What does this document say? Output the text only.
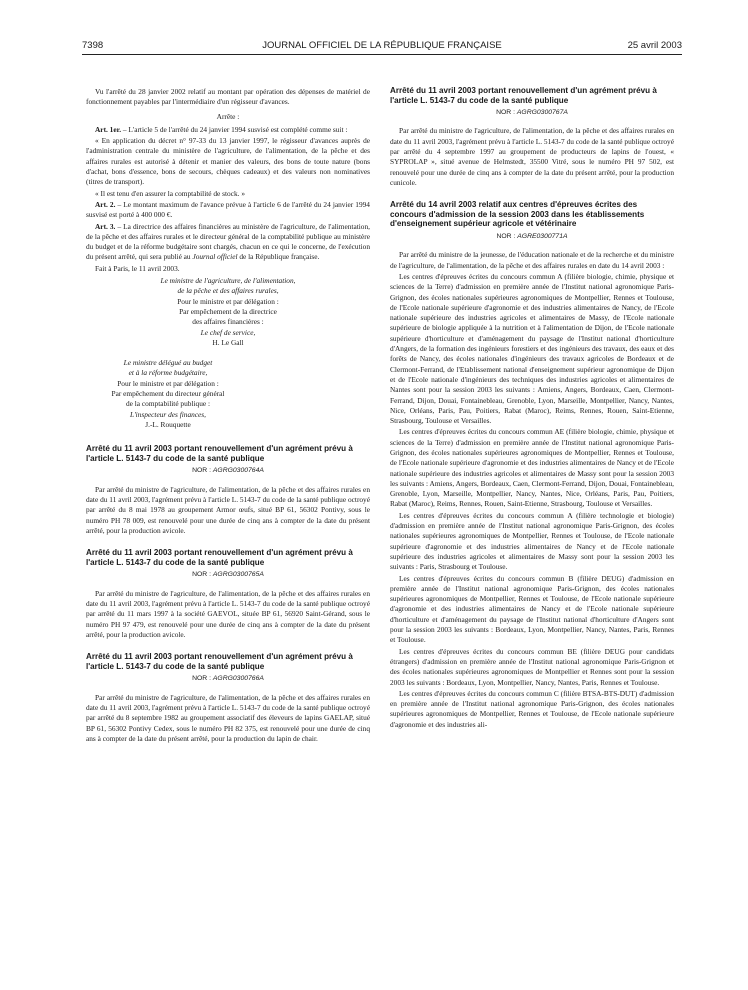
7398	JOURNAL OFFICIEL DE LA RÉPUBLIQUE FRANÇAISE	25 avril 2003

Vu l'arrêté du 28 janvier 2002 relatif au montant par opération des dépenses de matériel de fonctionnement payables par l'intermédiaire d'un régisseur d'avances.

Arrête :

Art. 1er. – L'article 5 de l'arrêté du 24 janvier 1994 susvisé est complété comme suit :

« En application du décret n° 97-33 du 13 janvier 1997, le régisseur d'avances auprès de l'administration centrale du ministère de l'agriculture, de l'alimentation, de la pêche et des affaires rurales est autorisé à détenir et manier des valeurs, des bons de toute nature (bons d'achat, bons d'essence, bons de secours, chèques cadeaux) et des valeurs non nominatives (titres de transport).

« Il est tenu d'en assurer la comptabilité de stock. »

Art. 2. – Le montant maximum de l'avance prévue à l'article 6 de l'arrêté du 24 janvier 1994 susvisé est porté à 400 000 €.

Art. 3. – La directrice des affaires financières au ministère de l'agriculture, de l'alimentation, de la pêche et des affaires rurales et le directeur général de la comptabilité publique au ministère du budget et de la réforme budgétaire sont chargés, chacun en ce qui le concerne, de l'exécution du présent arrêté, qui sera publié au Journal officiel de la République française.

Fait à Paris, le 11 avril 2003.

Le ministre de l'agriculture, de l'alimentation,

de la pêche et des affaires rurales,

Pour le ministre et par délégation :

Par empêchement de la directrice

des affaires financières :

Le chef de service,

H. Le Gall

Le ministre délégué au budget

et à la réforme budgétaire,

Pour le ministre et par délégation :

Par empêchement du directeur général

de la comptabilité publique :

L'inspecteur des finances,

J.-L. Rouquette

Arrêté du 11 avril 2003 portant renouvellement d'un agrément prévu à l'article L. 5143-7 du code de la santé publique

NOR : AGRG0300764A

Par arrêté du ministre de l'agriculture, de l'alimentation, de la pêche et des affaires rurales en date du 11 avril 2003, l'agrément prévu à l'article L. 5143-7 du code de la santé publique octroyé par arrêté du 8 mai 1978 au groupement Armor œufs, situé BP 61, 56302 Pontivy, sous le numéro PH 78 009, est renouvelé pour une durée de cinq ans à compter de la date du présent arrêté, pour la production avicole.

Arrêté du 11 avril 2003 portant renouvellement d'un agrément prévu à l'article L. 5143-7 du code de la santé publique

NOR : AGRG0300765A

Par arrêté du ministre de l'agriculture, de l'alimentation, de la pêche et des affaires rurales en date du 11 avril 2003, l'agrément prévu à l'article L. 5143-7 du code de la santé publique octroyé par arrêté du 11 mars 1997 à la société GAEVOL, située BP 61, 56920 Saint-Gérand, sous le numéro PH 97 479, est renouvelé pour une durée de cinq ans à compter de la date du présent arrêté, pour la production avicole.

Arrêté du 11 avril 2003 portant renouvellement d'un agrément prévu à l'article L. 5143-7 du code de la santé publique

NOR : AGRG0300766A

Par arrêté du ministre de l'agriculture, de l'alimentation, de la pêche et des affaires rurales en date du 11 avril 2003, l'agrément prévu à l'article L. 5143-7 du code de la santé publique octroyé par arrêté du 8 septembre 1982 au groupement associatif des éleveurs de lapins GAELAP, situé BP 61, 56302 Pontivy Cedex, sous le numéro PH 82 375, est renouvelé pour une durée de cinq ans à compter de la date du présent arrêté, pour la production du lapin de chair.

Arrêté du 11 avril 2003 portant renouvellement d'un agrément prévu à l'article L. 5143-7 du code de la santé publique

NOR : AGRG0300767A

Par arrêté du ministre de l'agriculture, de l'alimentation, de la pêche et des affaires rurales en date du 11 avril 2003, l'agrément prévu à l'article L. 5143-7 du code de la santé publique octroyé par arrêté du 4 septembre 1997 au groupement de producteurs de lapins de l'ouest, « SYPROLAP », situé avenue de Helmstedt, 35500 Vitré, sous le numéro PH 97 502, est renouvelé pour une durée de cinq ans à compter de la date du présent arrêté, pour la production cunicole.

Arrêté du 14 avril 2003 relatif aux centres d'épreuves écrites des concours d'admission de la session 2003 dans les établissements d'enseignement supérieur agricole et vétérinaire

NOR : AGRE0300771A

Par arrêté du ministre de la jeunesse, de l'éducation nationale et de la recherche et du ministre de l'agriculture, de l'alimentation, de la pêche et des affaires rurales en date du 14 avril 2003 :

Les centres d'épreuves écrites du concours commun A (filière biologie, chimie, physique et sciences de la Terre) d'admission en première année de l'Institut national agronomique Paris-Grignon, des écoles nationales supérieures agronomiques de Montpellier, Rennes et Toulouse, de l'Ecole nationale supérieure d'agronomie et des industries alimentaires de Nancy, de l'Ecole nationale supérieure des industries agricoles et alimentaires de Massy, de l'Ecole nationale supérieure de biologie appliquée à la nutrition et à l'alimentation de Dijon, de l'Ecole nationale supérieure d'horticulture et d'aménagement du paysage de l'Institut national d'horticulture d'Angers, de la formation des ingénieurs forestiers et des ingénieurs des travaux, des eaux et des forêts de Nancy, des écoles nationales d'ingénieurs des travaux agricoles de Bordeaux et de Clermont-Ferrand, de l'Etablissement national d'enseignement supérieur agronomique de Dijon et de l'Ecole nationale d'ingénieurs des techniques des industries agricoles et alimentaires de Nantes sont pour la session 2003 les suivants : Amiens, Angers, Bordeaux, Caen, Clermont-Ferrand, Dijon, Douai, Fontainebleau, Grenoble, Lyon, Marseille, Montpellier, Nancy, Nantes, Nice, Orléans, Paris, Pau, Poitiers, Rabat (Maroc), Reims, Rennes, Rouen, Saint-Etienne, Strasbourg, Toulouse et Versailles.

Les centres d'épreuves écrites du concours commun AE (filière biologie, chimie, physique et sciences de la Terre) d'admission en première année de l'Institut national agronomique Paris-Grignon, des écoles nationales supérieures agronomiques de Montpellier, Rennes et Toulouse, de l'Ecole nationale supérieure d'agronomie et des industries alimentaires de Nancy et de l'Ecole nationale supérieure des industries agricoles et alimentaires de Massy sont pour la session 2003 les suivants : Amiens, Angers, Bordeaux, Caen, Clermont-Ferrand, Dijon, Douai, Fontainebleau, Grenoble, Lyon, Marseille, Montpellier, Nancy, Nantes, Nice, Orléans, Paris, Pau, Poitiers, Rabat (Maroc), Reims, Rennes, Rouen, Saint-Etienne, Strasbourg, Toulouse et Versailles.

Les centres d'épreuves écrites du concours commun A (filière technologie et biologie) d'admission en première année de l'Institut national agronomique Paris-Grignon, des écoles nationales supérieures agronomiques de Montpellier, Rennes et Toulouse, de l'Ecole nationale supérieure d'agronomie et des industries alimentaires de Nancy et de l'Ecole nationale supérieure des industries agricoles et alimentaires de Massy sont pour la session 2003 les suivants : Paris, Strasbourg et Toulouse.

Les centres d'épreuves écrites du concours commun B (filière DEUG) d'admission en première année de l'Institut national agronomique Paris-Grignon, des écoles nationales supérieures agronomiques de Montpellier, Rennes et Toulouse, de l'Ecole nationale supérieure d'agronomie et des industries alimentaires de Nancy et de l'Ecole nationale supérieure d'horticulture et d'aménagement du paysage de l'Institut national d'horticulture d'Angers sont pour la session 2003 les suivants : Bordeaux, Lyon, Montpellier, Nancy, Nantes, Paris, Rennes et Toulouse.

Les centres d'épreuves écrites du concours commun BE (filière DEUG pour candidats étrangers) d'admission en première année de l'Institut national agronomique Paris-Grignon et des écoles nationales supérieures agronomiques de Montpellier et Rennes sont pour la session 2003 les suivants : Bordeaux, Lyon, Montpellier, Nancy, Nantes, Paris, Rennes et Toulouse.

Les centres d'épreuves écrites du concours commun C (filière BTSA-BTS-DUT) d'admission en première année de l'Institut national agronomique Paris-Grignon, des écoles nationales supérieures agronomiques de Montpellier, Rennes et Toulouse, de l'Ecole nationale supérieure d'agronomie et des industries ali-
